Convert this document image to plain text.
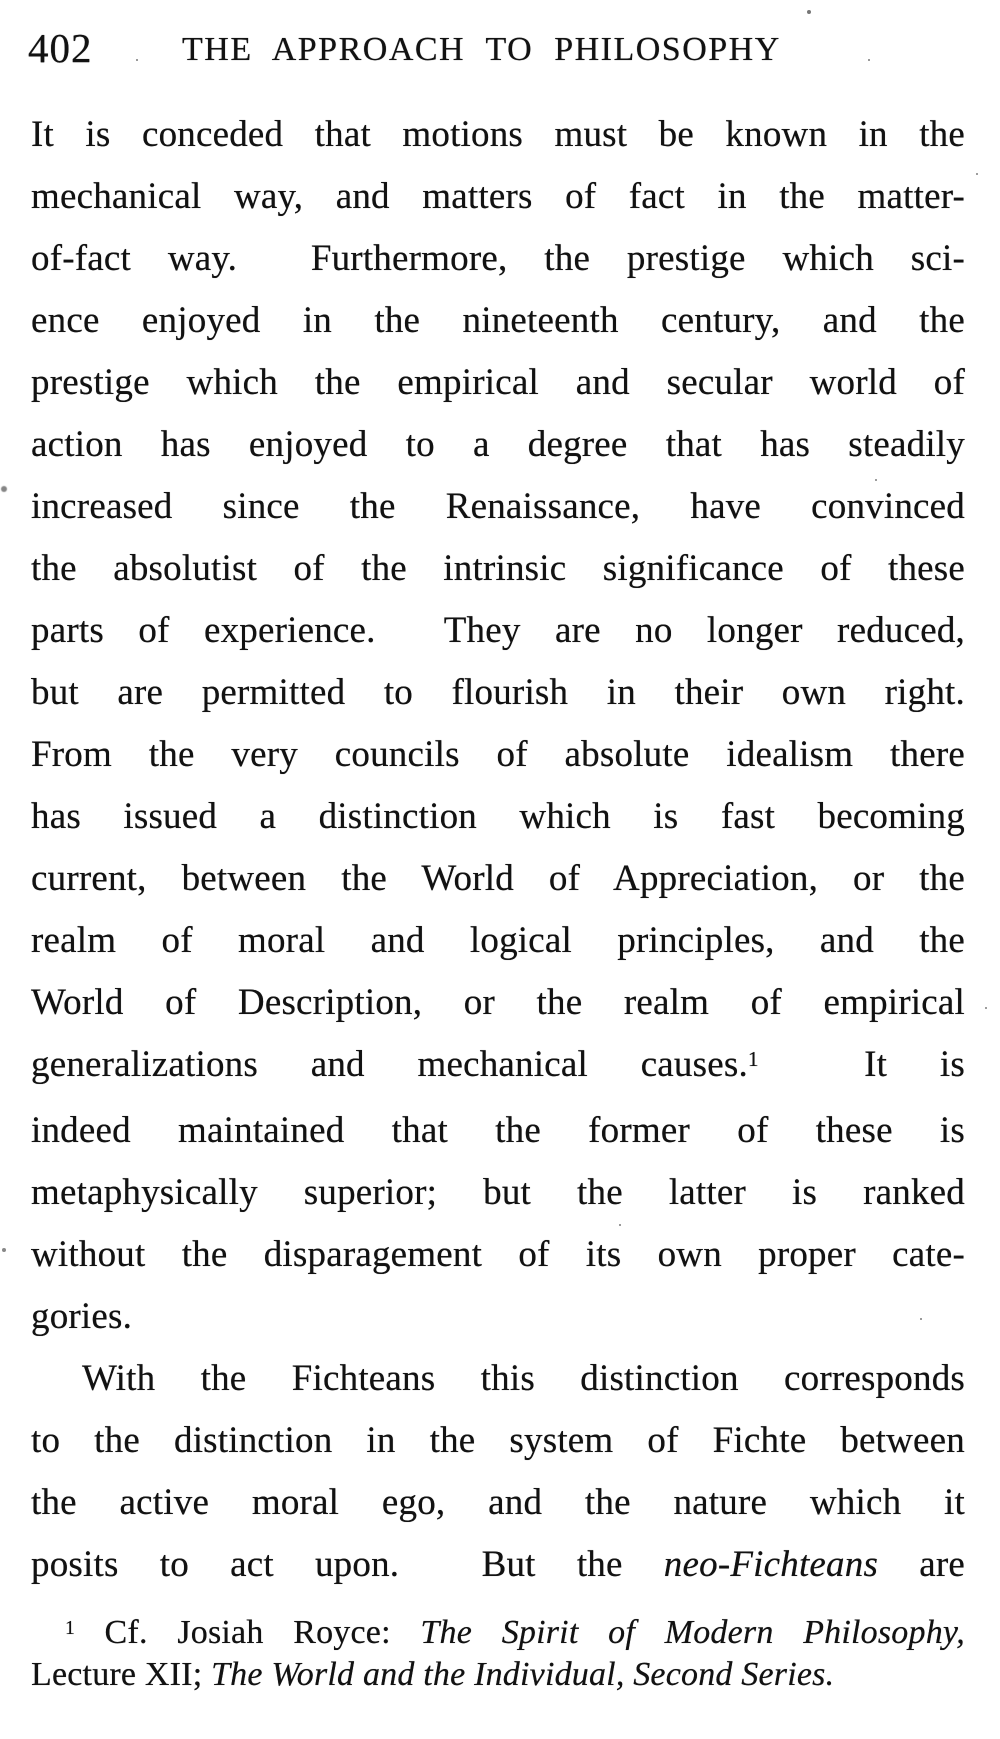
402	THE APPROACH TO PHILOSOPHY
It is conceded that motions must be known in the
mechanical way, and matters of fact in the matter-
of-fact way.  Furthermore, the prestige which sci-
ence enjoyed in the nineteenth century, and the
prestige which the empirical and secular world of
action has enjoyed to a degree that has steadily
increased since the Renaissance, have convinced
the absolutist of the intrinsic significance of these
parts of experience.  They are no longer reduced,
but are permitted to flourish in their own right.
From the very councils of absolute idealism there
has issued a distinction which is fast becoming
current, between the World of Appreciation, or the
realm of moral and logical principles, and the
World of Description, or the realm of empirical
generalizations and mechanical causes.$^1$  It is
indeed maintained that the former of these is
metaphysically superior; but the latter is ranked
without the disparagement of its own proper cate-
gories.
With the Fichteans this distinction corresponds
to the distinction in the system of Fichte between
the active moral ego, and the nature which it
posits to act upon.  But the neo-Fichteans are
$^1$ Cf. Josiah Royce: The Spirit of Modern Philosophy,
Lecture XII; The World and the Individual, Second Series.
